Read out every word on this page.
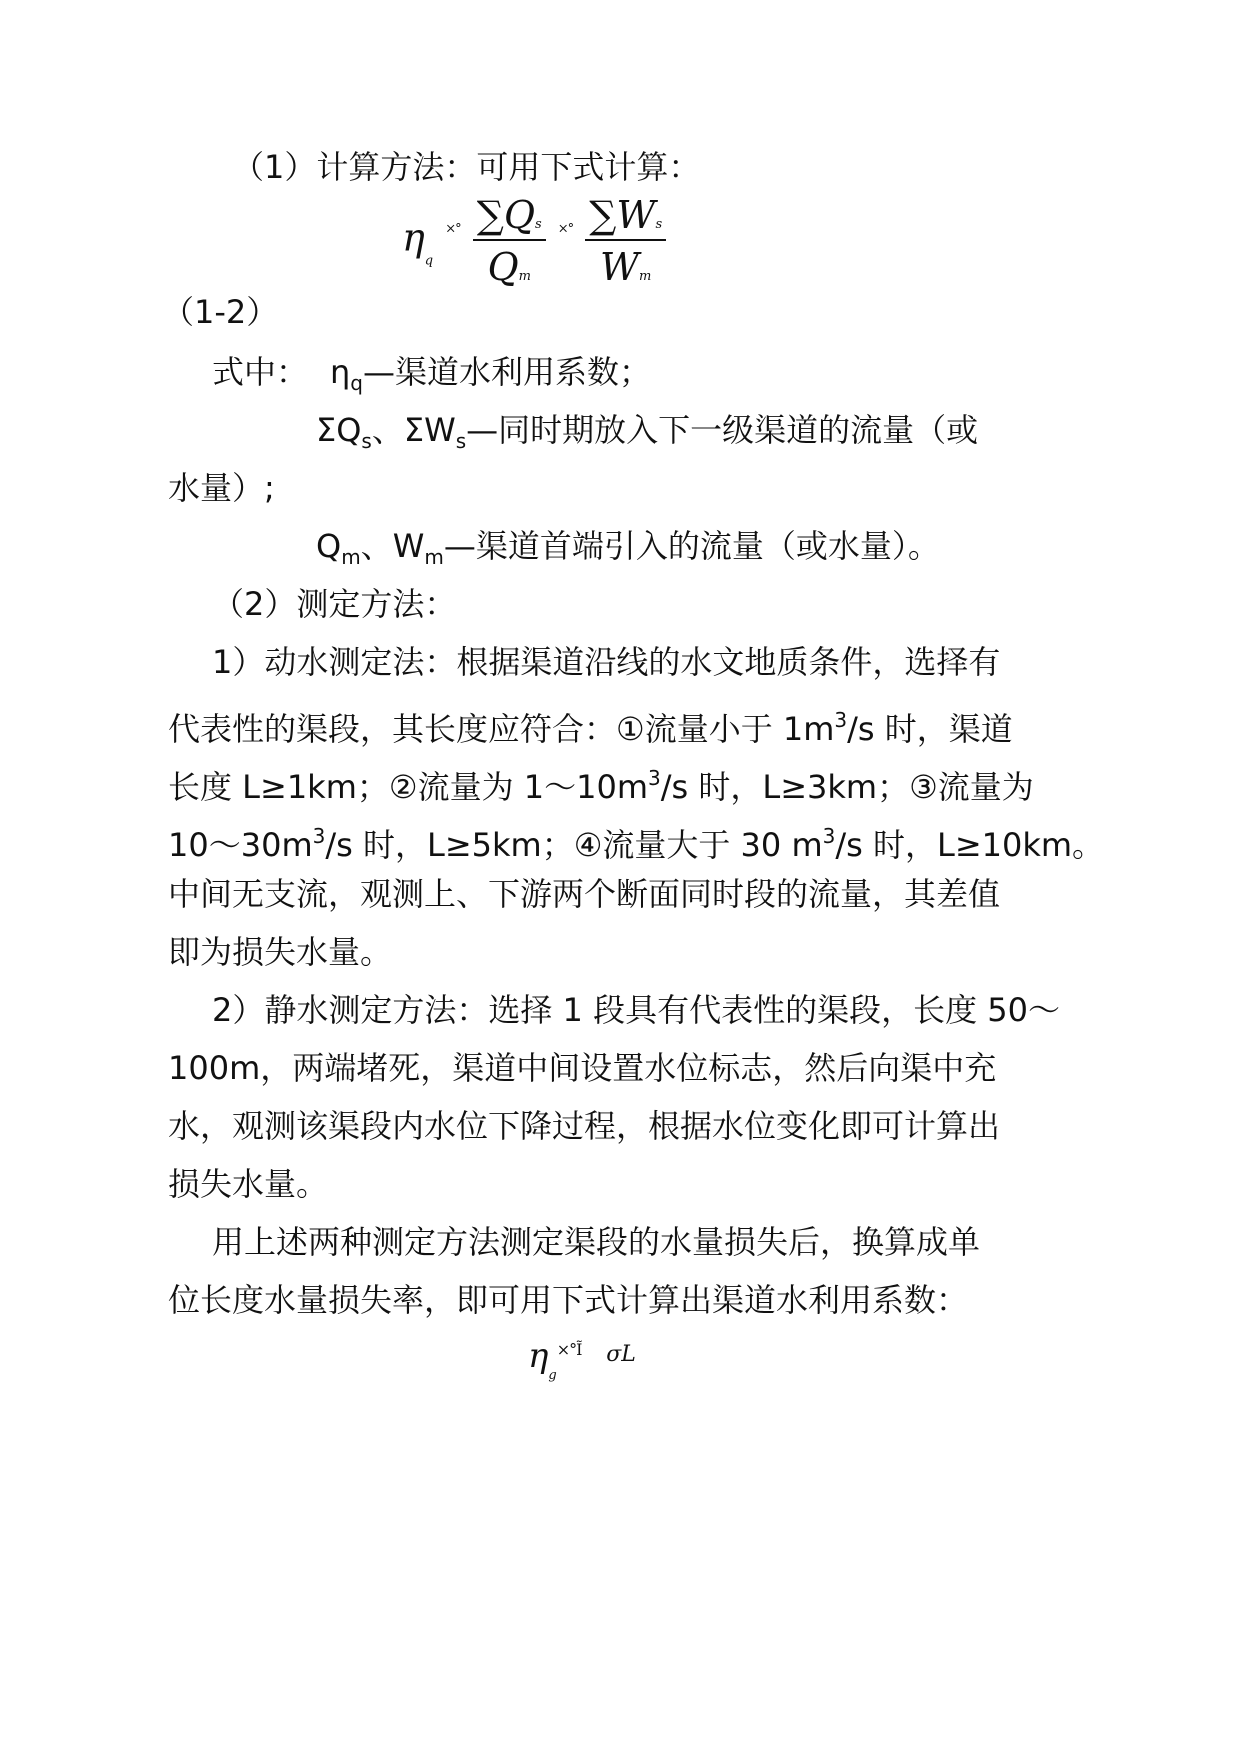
（1）计算方法：可用下式计算：
$\eta_q$ $^{\times^\circ} \frac{\sum Qs}{Qm} ^{\times^\circ} \frac{\sum Ws}{Wm}$
（1-2）
式中： $\eta_q—$渠道水利用系数；
$\Sigma Q_s$、$\Sigma W_s—$同时期放入下一级渠道的流量（或
水量）;
$Q_m$、$W_m—$渠道首端引入的流量（或水量）。
（2）测定方法：
1）动水测定法：根据渠道沿线的水文地质条件，选择有
代表性的渠段，其长度应符合：①流量小于 $1m^3/s$ 时，渠道
长度 L≥1km；②流量为 $1\sim 10m^3/s$ 时，L≥3km；③流量为
$10\sim 30m^3/s$ 时，L≥5km；④流量大于 30 $m^3/s$ 时，L≥10km。
中间无支流，观测上、下游两个断面同时段的流量，其差值
即为损失水量。
2）静水测定方法：选择 1 段具有代表性的渠段，长度 50～
100m，两端堵死，渠道中间设置水位标志，然后向渠中充
水，观测该渠段内水位下降过程，根据水位变化即可计算出
损失水量。
用上述两种测定方法测定渠段的水量损失后，换算成单
位长度水量损失率，即可用下式计算出渠道水利用系数：
$\eta_g^{\times^\circ Ĩ}$ σL
